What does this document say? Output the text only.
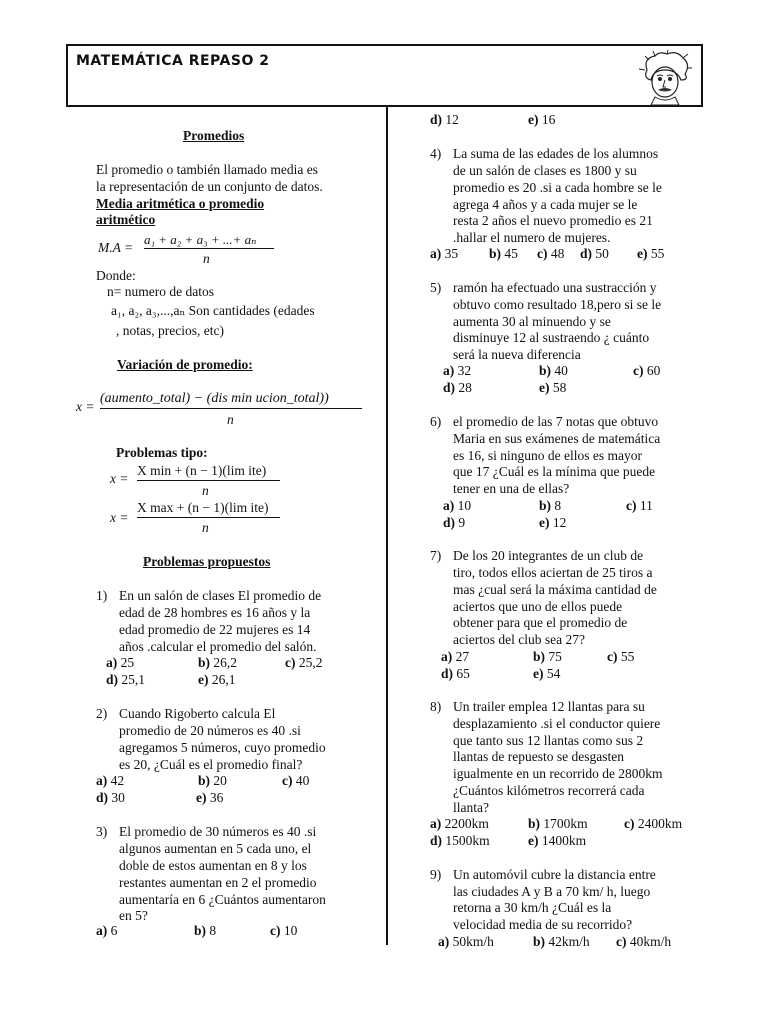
MATEMÁTICA REPASO 2
Promedios
El promedio o también llamado media es
la representación de un conjunto de datos.
Media aritmética o promedio
aritmético
M.A =
a₁ + a₂ + a₃ + ...+ aₙ
n
Donde:
n= numero de datos
a₁, a₂, a₃,...,aₙ Son cantidades (edades
, notas, precios, etc)
Variación de promedio:
x =
(aumento_total) − (dis min ucion_total))
n
Problemas tipo:
x =
X min + (n − 1)(lim ite)
n
x =
X max + (n − 1)(lim ite)
n
Problemas propuestos
1) En un salón de clases El promedio de
edad de 28 hombres es 16 años y la
edad promedio de 22 mujeres es 14
años .calcular el promedio del salón.
a) 25	b) 26,2	c) 25,2
d) 25,1	e) 26,1
2) Cuando Rigoberto calcula El
promedio de 20 números es 40 .si
agregamos 5 números, cuyo promedio
es 20, ¿Cuál es el promedio final?
a) 42	b) 20	c) 40
d) 30	e) 36
3) El promedio de 30 números es 40 .si
algunos aumentan en 5 cada uno, el
doble de estos aumentan en 8 y los
restantes aumentan en 2 el promedio
aumentaría en 6 ¿Cuántos aumentaron
en 5?
a) 6	b) 8	c) 10
d) 12	e) 16
4) La suma de las edades de los alumnos
de un salón de clases es 1800 y su
promedio es 20 .si a cada hombre se le
agrega 4 años y a cada mujer se le
resta 2 años el nuevo promedio es 21
.hallar el numero de mujeres.
a) 35 b) 45 c) 48 d) 50 e) 55
5) ramón ha efectuado una sustracción y
obtuvo como resultado 18,pero si se le
aumenta 30 al minuendo y se
disminuye 12 al sustraendo ¿ cuánto
será la nueva diferencia
a) 32	b) 40	c) 60
d) 28	e) 58
6) el promedio de las 7 notas que obtuvo
Maria en sus exámenes de matemática
es 16, si ninguno de ellos es mayor
que 17 ¿Cuál es la mínima que puede
tener en una de ellas?
a) 10	b) 8	c) 11
d) 9	e) 12
7) De los 20 integrantes de un club de
tiro, todos ellos aciertan de 25 tiros a
mas ¿cual será la máxima cantidad de
aciertos que uno de ellos puede
obtener para que el promedio de
aciertos del club sea 27?
a) 27	b) 75	c) 55
d) 65	e) 54
8) Un trailer emplea 12 llantas para su
desplazamiento .si el conductor quiere
que tanto sus 12 llantas como sus 2
llantas de repuesto se desgasten
igualmente en un recorrido de 2800km
¿Cuántos kilómetros recorrerá cada
llanta?
a) 2200km	b) 1700km	c) 2400km
d) 1500km	e) 1400km
9) Un automóvil cubre la distancia entre
las ciudades A y B a 70 km/ h, luego
retorna a 30 km/h ¿Cuál es la
velocidad media de su recorrido?
a) 50km/h	b) 42km/h c) 40km/h
